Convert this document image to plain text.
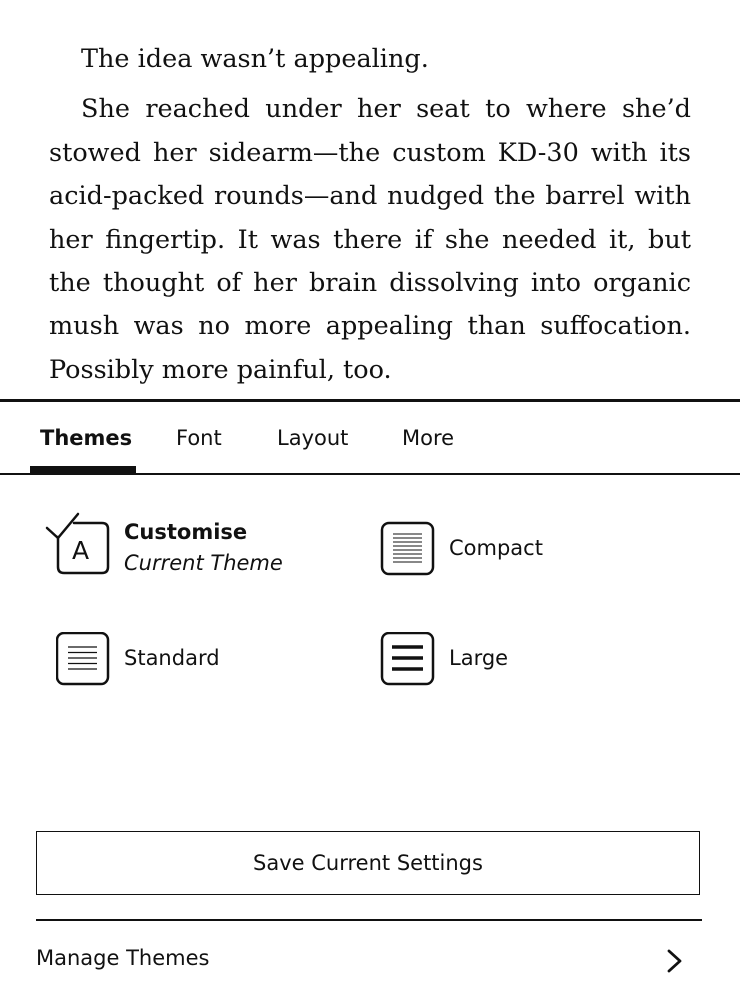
The idea wasn’t appealing.

She reached under her seat to where she’d stowed her sidearm—the custom KD-30 with its acid-packed rounds—and nudged the barrel with her fingertip. It was there if she needed it, but the thought of her brain dissolving into organic mush was no more appealing than suffocation. Possibly more painful, too.

Themes Font	Layout	More
A
Customise
Current Theme
Compact
Standard	Large
Save Current Settings
Manage Themes
